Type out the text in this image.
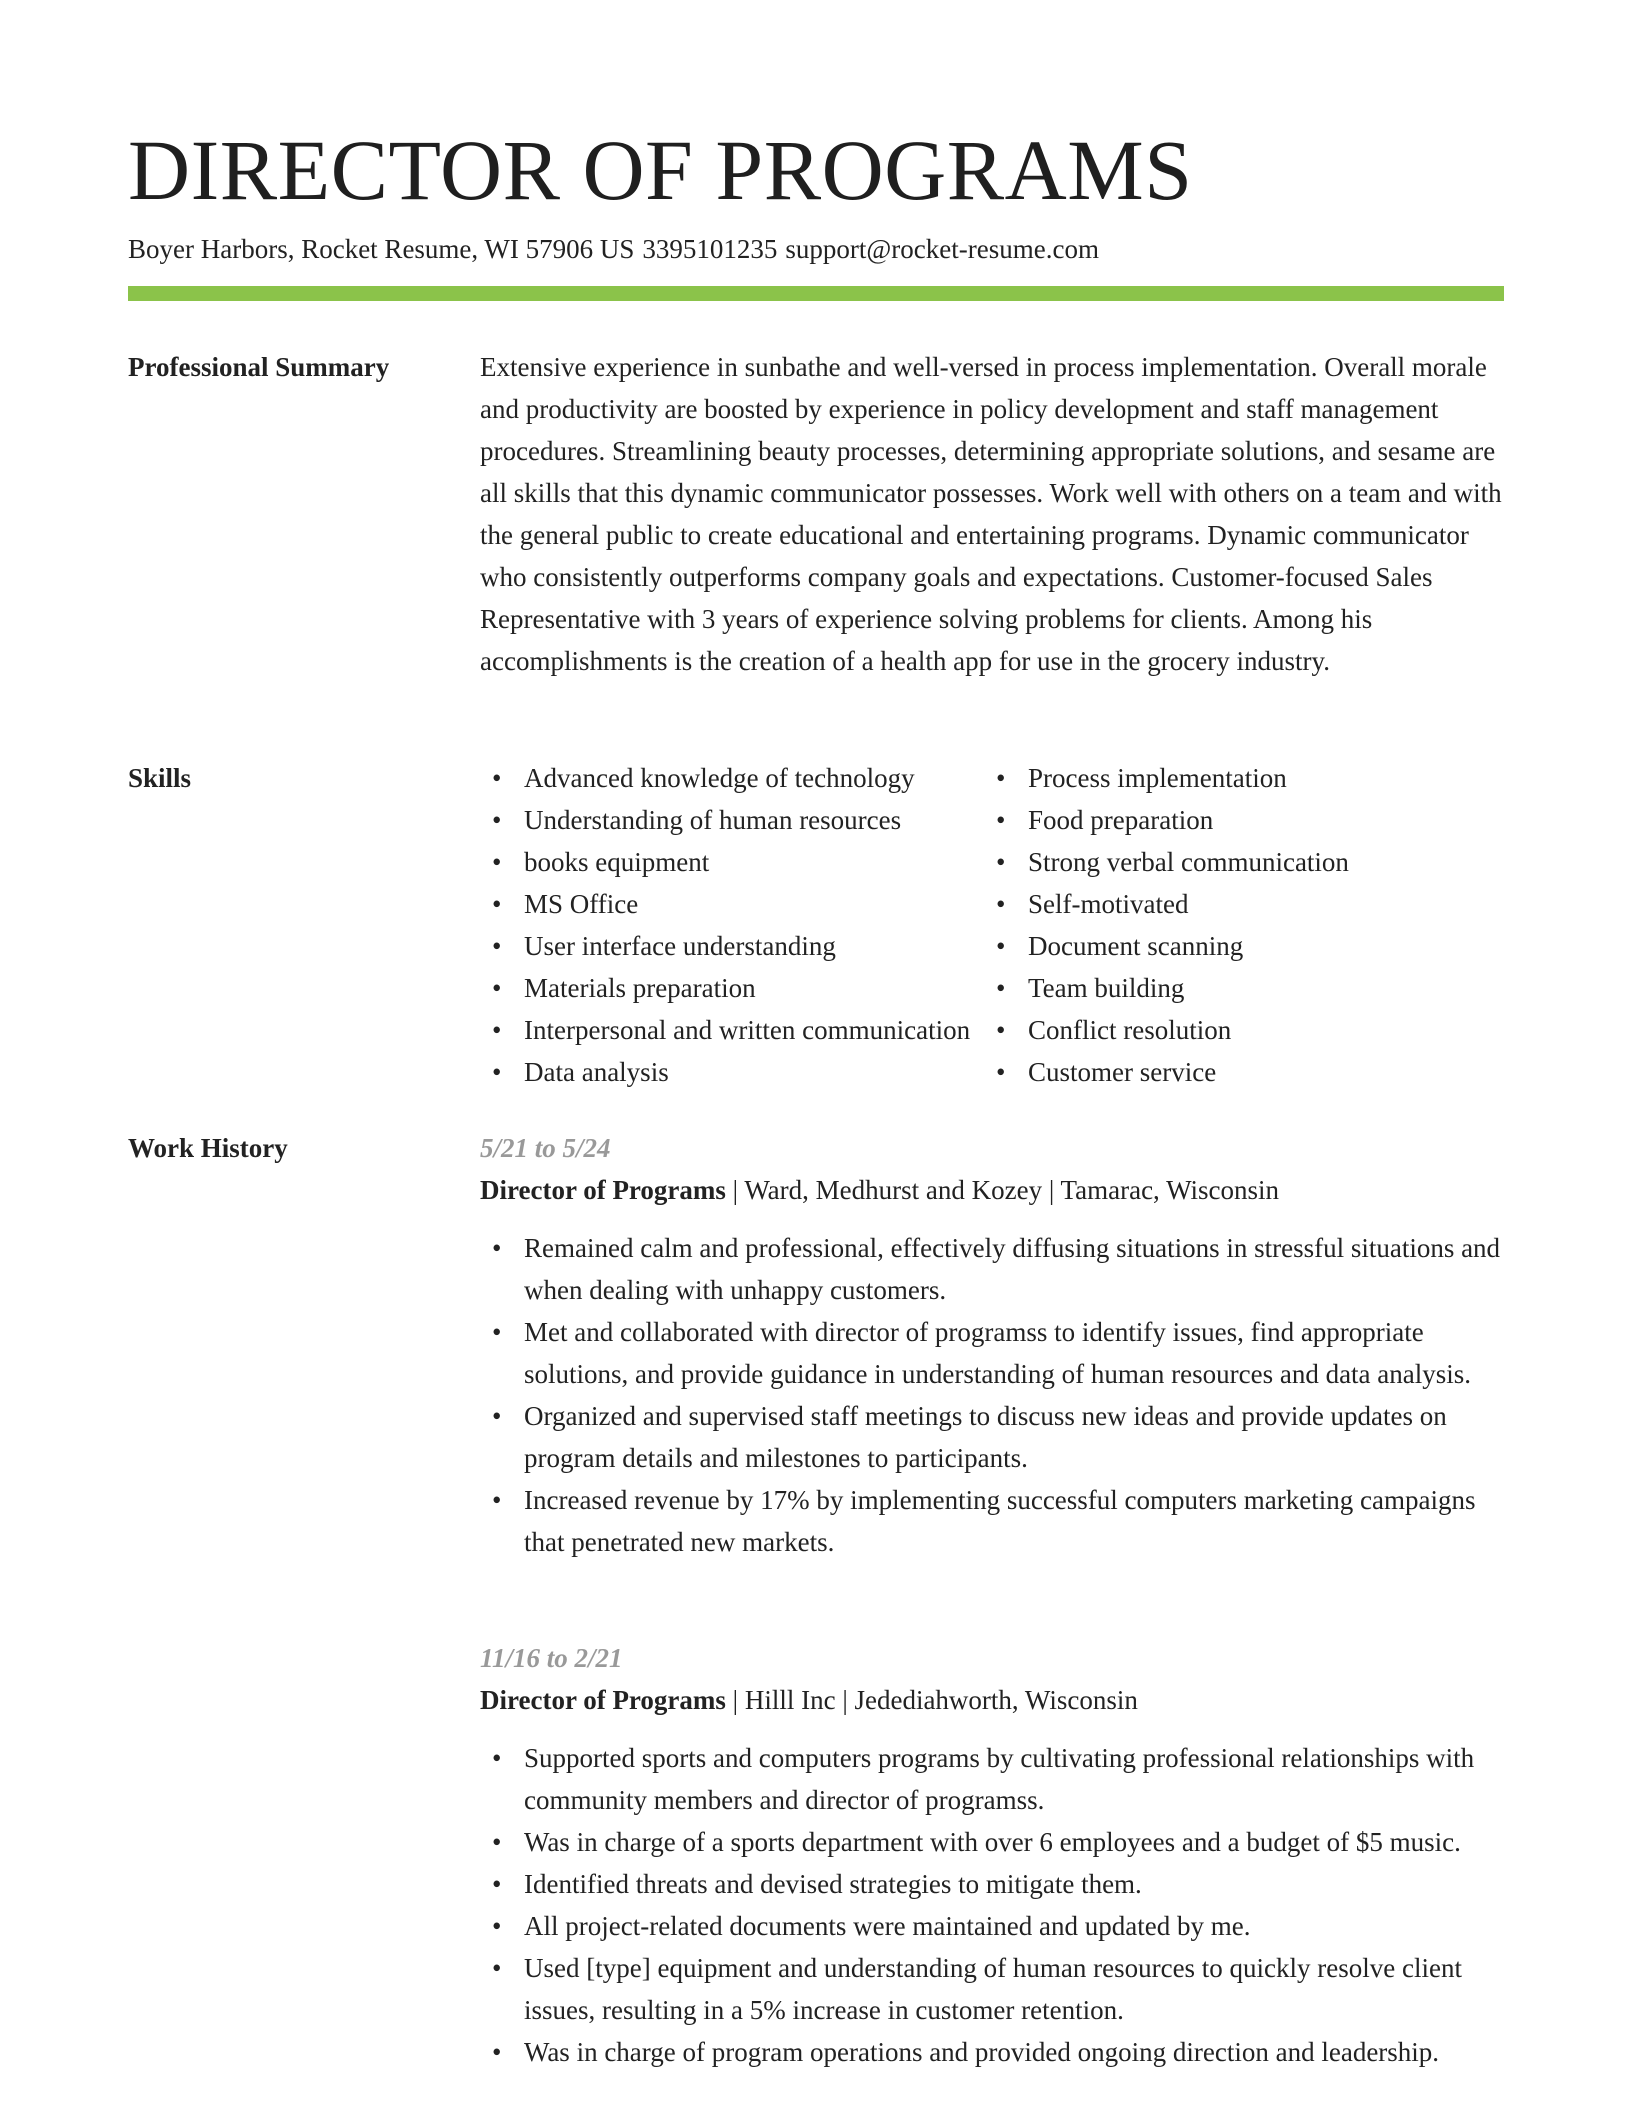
DIRECTOR OF PROGRAMS
Boyer Harbors, Rocket Resume, WI 57906 US 3395101235 support@rocket-resume.com
Professional Summary	Extensive experience in sunbathe and well-versed in process implementation. Overall morale and productivity are boosted by experience in policy development and staff management procedures. Streamlining beauty processes, determining appropriate solutions, and sesame are all skills that this dynamic communicator possesses. Work well with others on a team and with the general public to create educational and entertaining programs. Dynamic communicator who consistently outperforms company goals and expectations. Customer-focused Sales Representative with 3 years of experience solving problems for clients. Among his accomplishments is the creation of a health app for use in the grocery industry.

Skills
•	Advanced knowledge of technology
• Understanding of human resources
• books equipment
• MS Office
• User interface understanding
• Materials preparation
• Interpersonal and written communication
• Data analysis
• Process implementation
• Food preparation
• Strong verbal communication
• Self-motivated
• Document scanning
• Team building
• Conflict resolution
• Customer service
Work History	5/21 to 5/24
Director of Programs | Ward, Medhurst and Kozey | Tamarac, Wisconsin
• Remained calm and professional, effectively diffusing situations in stressful situations and when dealing with unhappy customers.
• Met and collaborated with director of programss to identify issues, find appropriate solutions, and provide guidance in understanding of human resources and data analysis.
• Organized and supervised staff meetings to discuss new ideas and provide updates on program details and milestones to participants.
• Increased revenue by 17% by implementing successful computers marketing campaigns that penetrated new markets.
11/16 to 2/21
Director of Programs | Hilll Inc | Jedediahworth, Wisconsin
• Supported sports and computers programs by cultivating professional relationships with community members and director of programss.
• Was in charge of a sports department with over 6 employees and a budget of $5 music.
• Identified threats and devised strategies to mitigate them.
• All project-related documents were maintained and updated by me.
• Used [type] equipment and understanding of human resources to quickly resolve client issues, resulting in a 5% increase in customer retention.
• Was in charge of program operations and provided ongoing direction and leadership.
